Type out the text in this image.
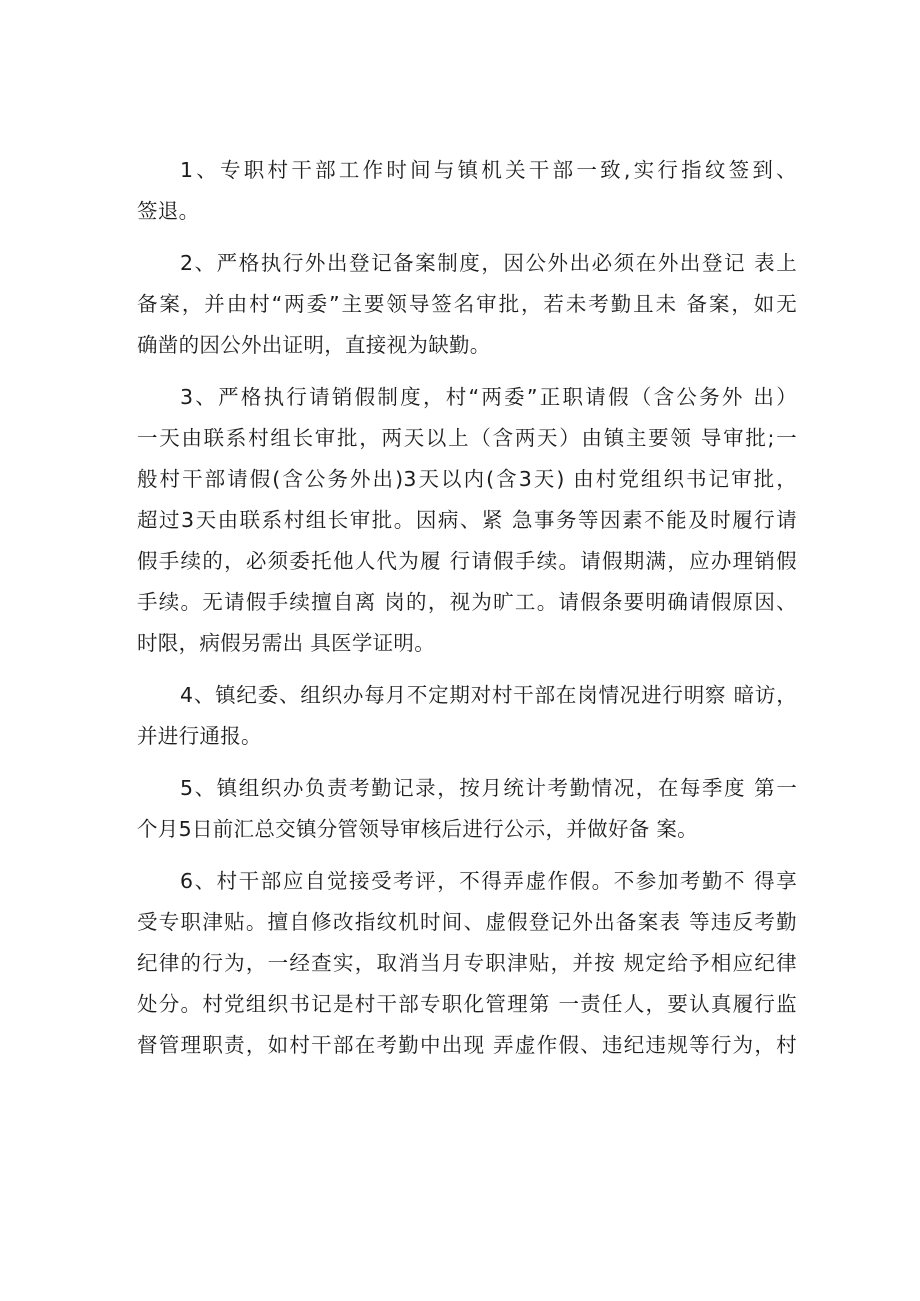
1、专职村干部工作时间与镇机关干部一致,实行指纹签到、
签退。

2、严格执行外出登记备案制度，因公外出必须在外出登记 表上
备案，并由村“两委”主要领导签名审批，若未考勤且未 备案，如无
确凿的因公外出证明，直接视为缺勤。

3、严格执行请销假制度，村“两委”正职请假（含公务外 出）
一天由联系村组长审批，两天以上（含两天）由镇主要领 导审批;一
般村干部请假(含公务外出)3天以内(含3天) 由村党组织书记审批，
超过3天由联系村组长审批。因病、紧 急事务等因素不能及时履行请
假手续的，必须委托他人代为履 行请假手续。请假期满，应办理销假
手续。无请假手续擅自离 岗的，视为旷工。请假条要明确请假原因、
时限，病假另需出 具医学证明。

4、镇纪委、组织办每月不定期对村干部在岗情况进行明察 暗访，
并进行通报。

5、镇组织办负责考勤记录，按月统计考勤情况，在每季度 第一
个月5日前汇总交镇分管领导审核后进行公示，并做好备 案。

6、村干部应自觉接受考评，不得弄虚作假。不参加考勤不 得享
受专职津贴。擅自修改指纹机时间、虚假登记外出备案表 等违反考勤
纪律的行为，一经查实，取消当月专职津贴，并按 规定给予相应纪律
处分。村党组织书记是村干部专职化管理第 一责任人，要认真履行监
督管理职责，如村干部在考勤中出现 弄虚作假、违纪违规等行为，村
